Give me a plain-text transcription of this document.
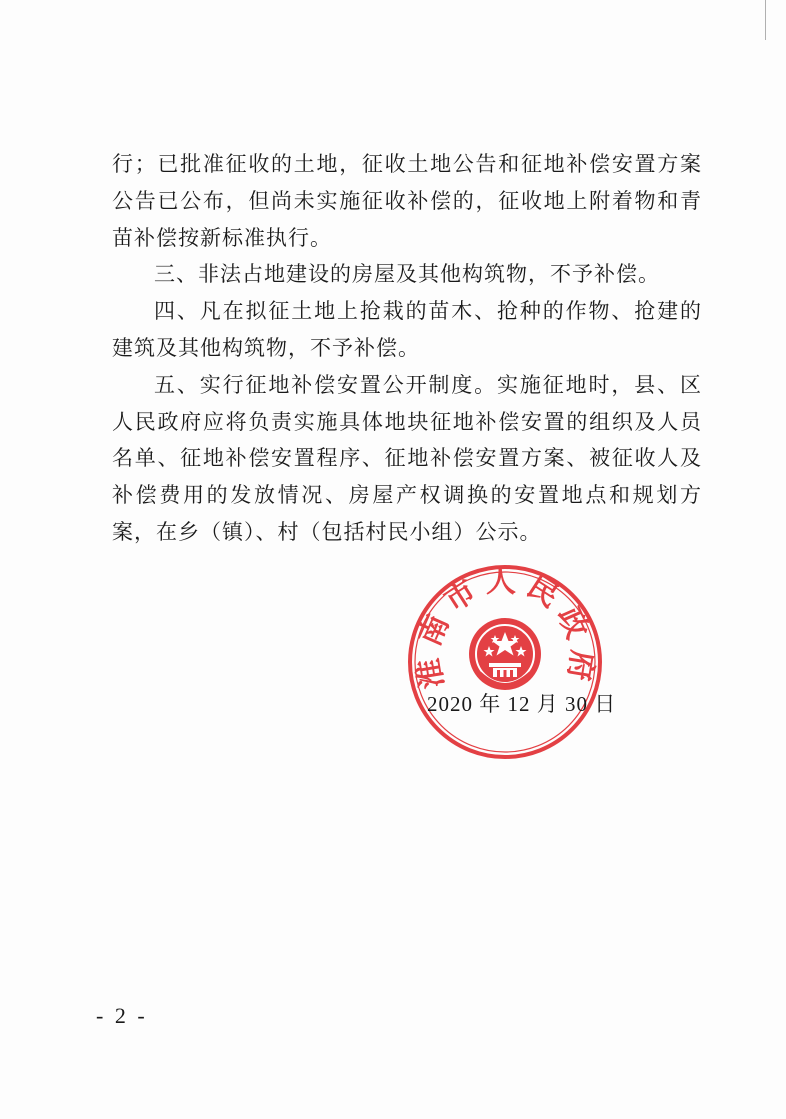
行；已批准征收的土地，征收土地公告和征地补偿安置方案公告已公布，但尚未实施征收补偿的，征收地上附着物和青苗补偿按新标准执行。

三、非法占地建设的房屋及其他构筑物，不予补偿。

四、凡在拟征土地上抢栽的苗木、抢种的作物、抢建的建筑及其他构筑物，不予补偿。

五、实行征地补偿安置公开制度。实施征地时，县、区人民政府应将负责实施具体地块征地补偿安置的组织及人员名单、征地补偿安置程序、征地补偿安置方案、被征收人及补偿费用的发放情况、房屋产权调换的安置地点和规划方案，在乡（镇）、村（包括村民小组）公示。

淮南市人民政府
2020 年 12 月 30 日
- 2 -
